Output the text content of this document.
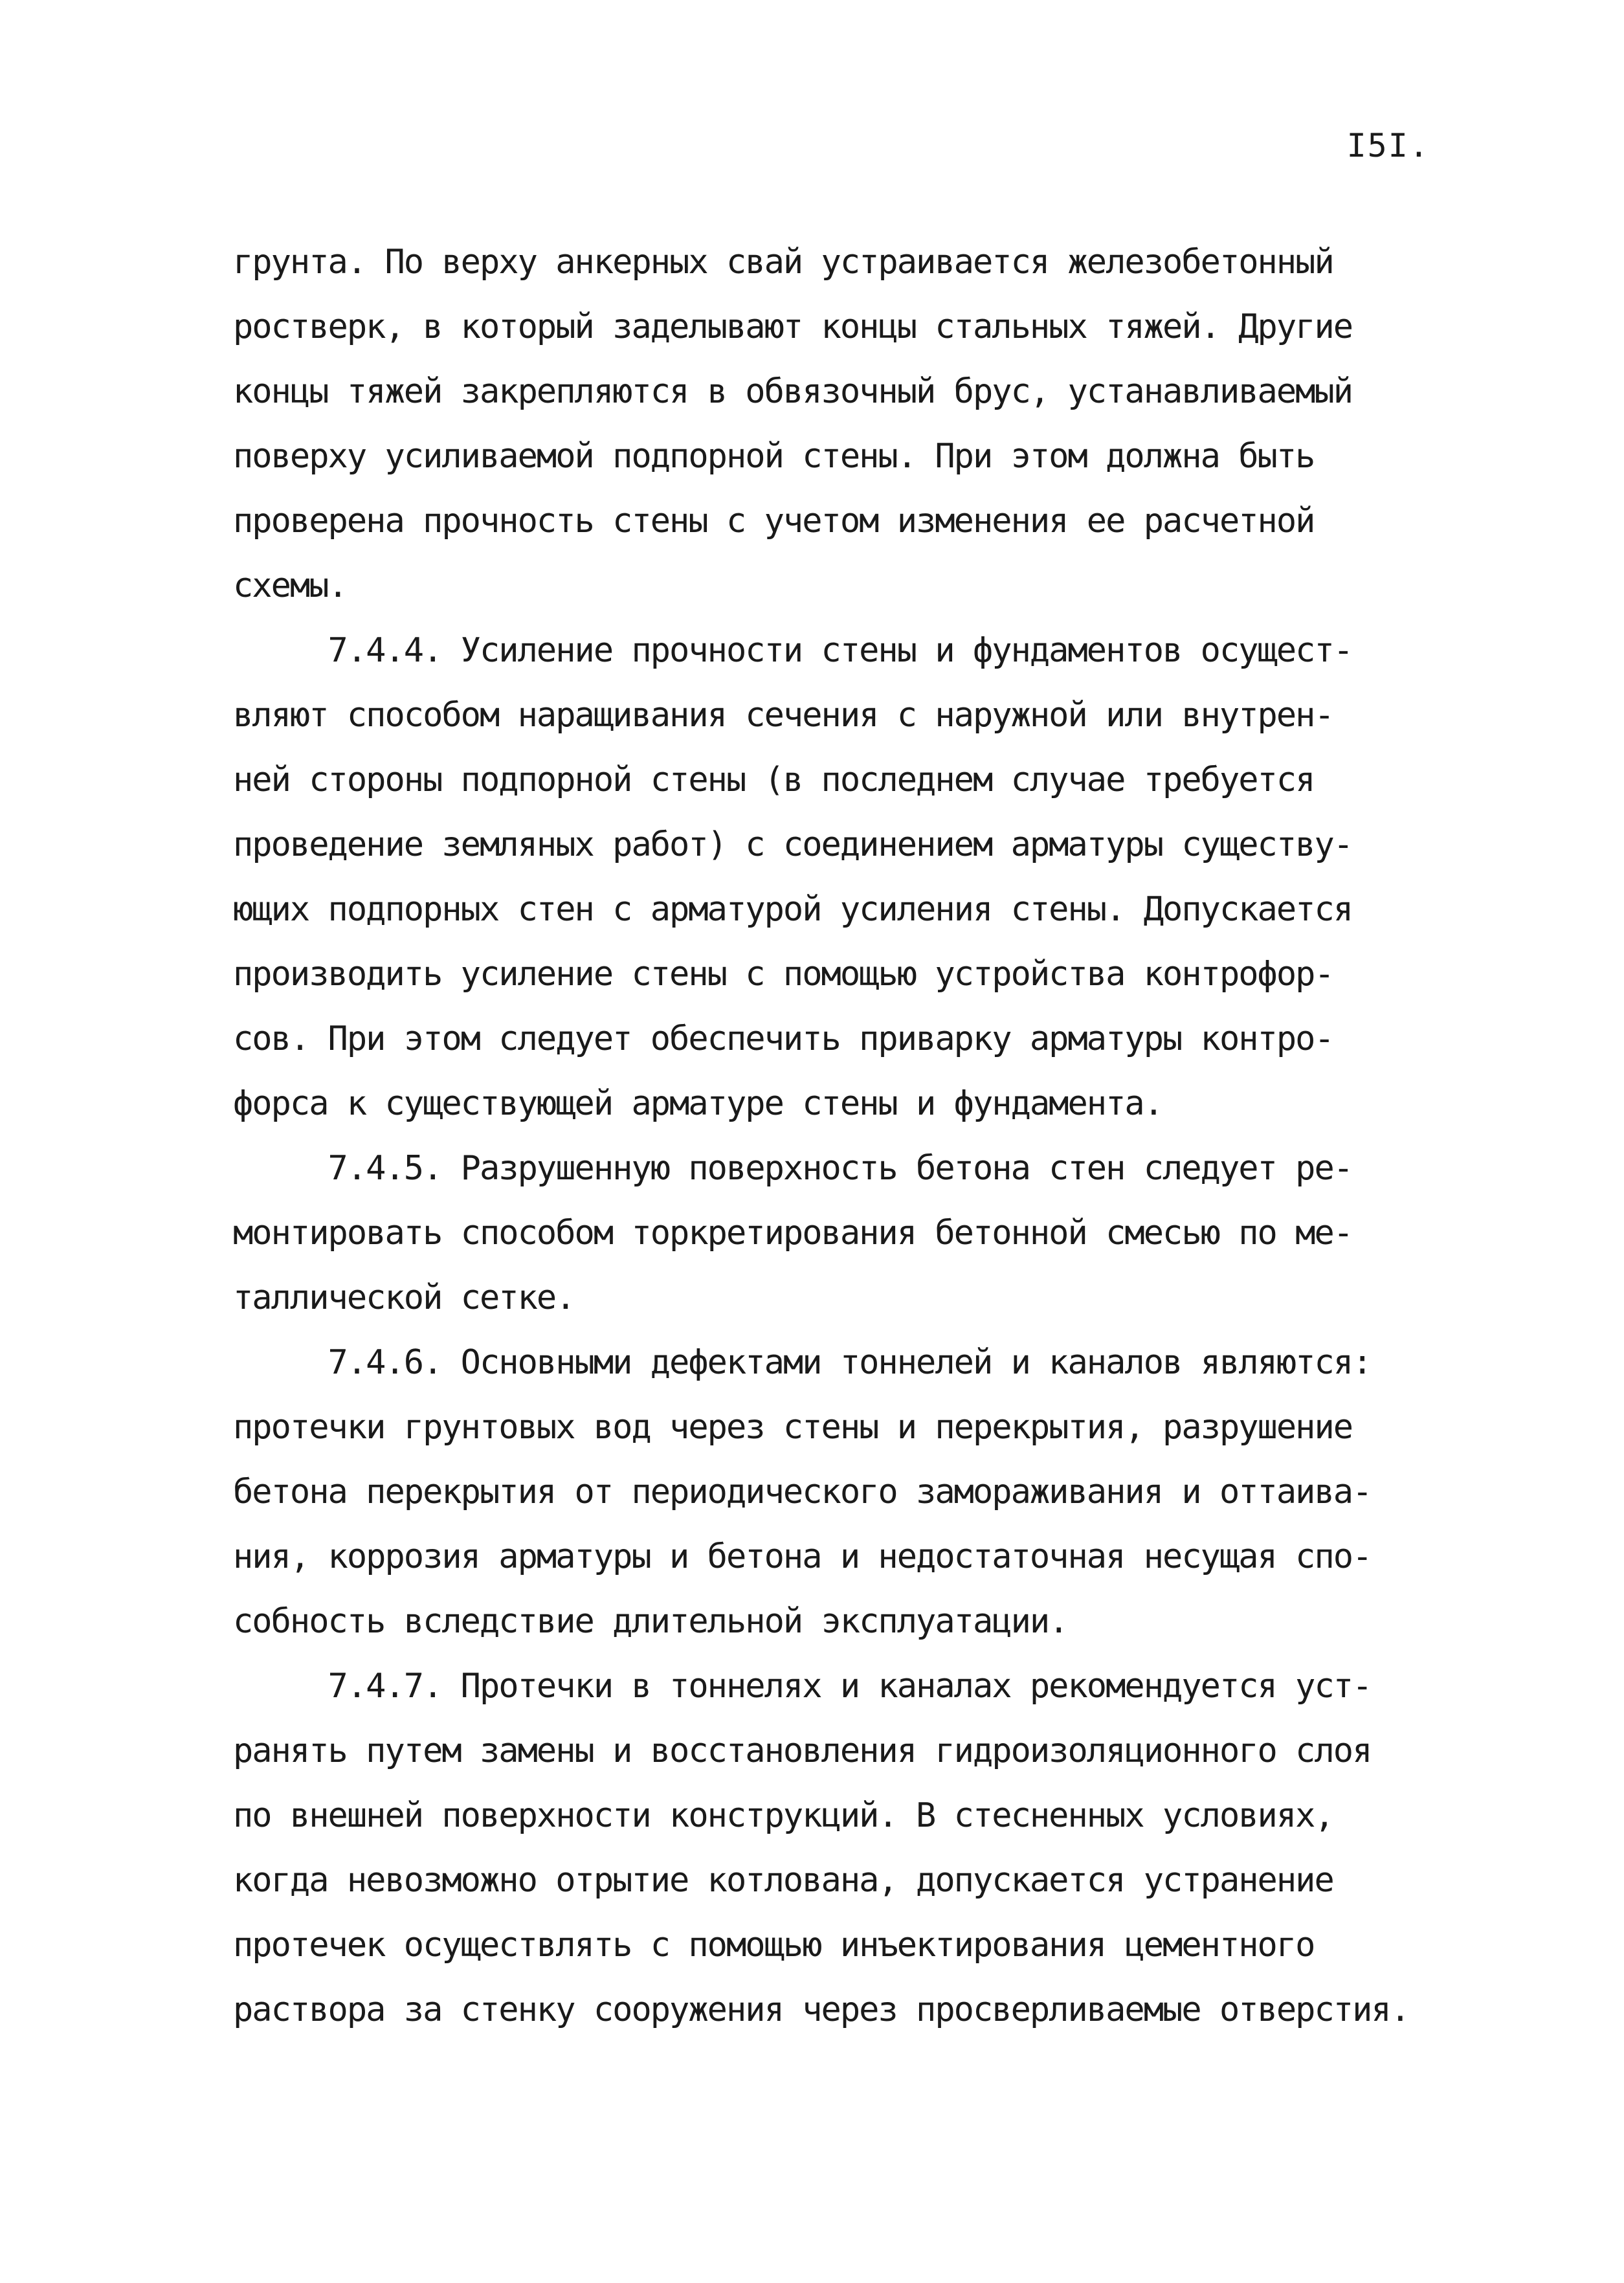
I5I.
грунта. По верху анкерных свай устраивается железобетонный
ростверк, в который заделывают концы стальных тяжей. Другие
концы тяжей закрепляются в обвязочный брус, устанавливаемый
поверху усиливаемой подпорной стены. При этом должна быть
проверена прочность стены с учетом изменения ее расчетной
схемы.
7.4.4. Усиление прочности стены и фундаментов осущест-
вляют способом наращивания сечения с наружной или внутрен-
ней стороны подпорной стены (в последнем случае требуется
проведение земляных работ) с соединением арматуры существу-
ющих подпорных стен с арматурой усиления стены. Допускается
производить усиление стены с помощью устройства контрофор-
сов. При этом следует обеспечить приварку арматуры контро-
форса к существующей арматуре стены и фундамента.
7.4.5. Разрушенную поверхность бетона стен следует ре-
монтировать способом торкретирования бетонной смесью по ме-
таллической сетке.
7.4.6. Основными дефектами тоннелей и каналов являются:
протечки грунтовых вод через стены и перекрытия, разрушение
бетона перекрытия от периодического замораживания и оттаива-
ния, коррозия арматуры и бетона и недостаточная несущая спо-
собность вследствие длительной эксплуатации.
7.4.7. Протечки в тоннелях и каналах рекомендуется уст-
ранять путем замены и восстановления гидроизоляционного слоя
по внешней поверхности конструкций. В стесненных условиях,
когда невозможно отрытие котлована, допускается устранение
протечек осуществлять с помощью инъектирования цементного
раствора за стенку сооружения через просверливаемые отверстия.
